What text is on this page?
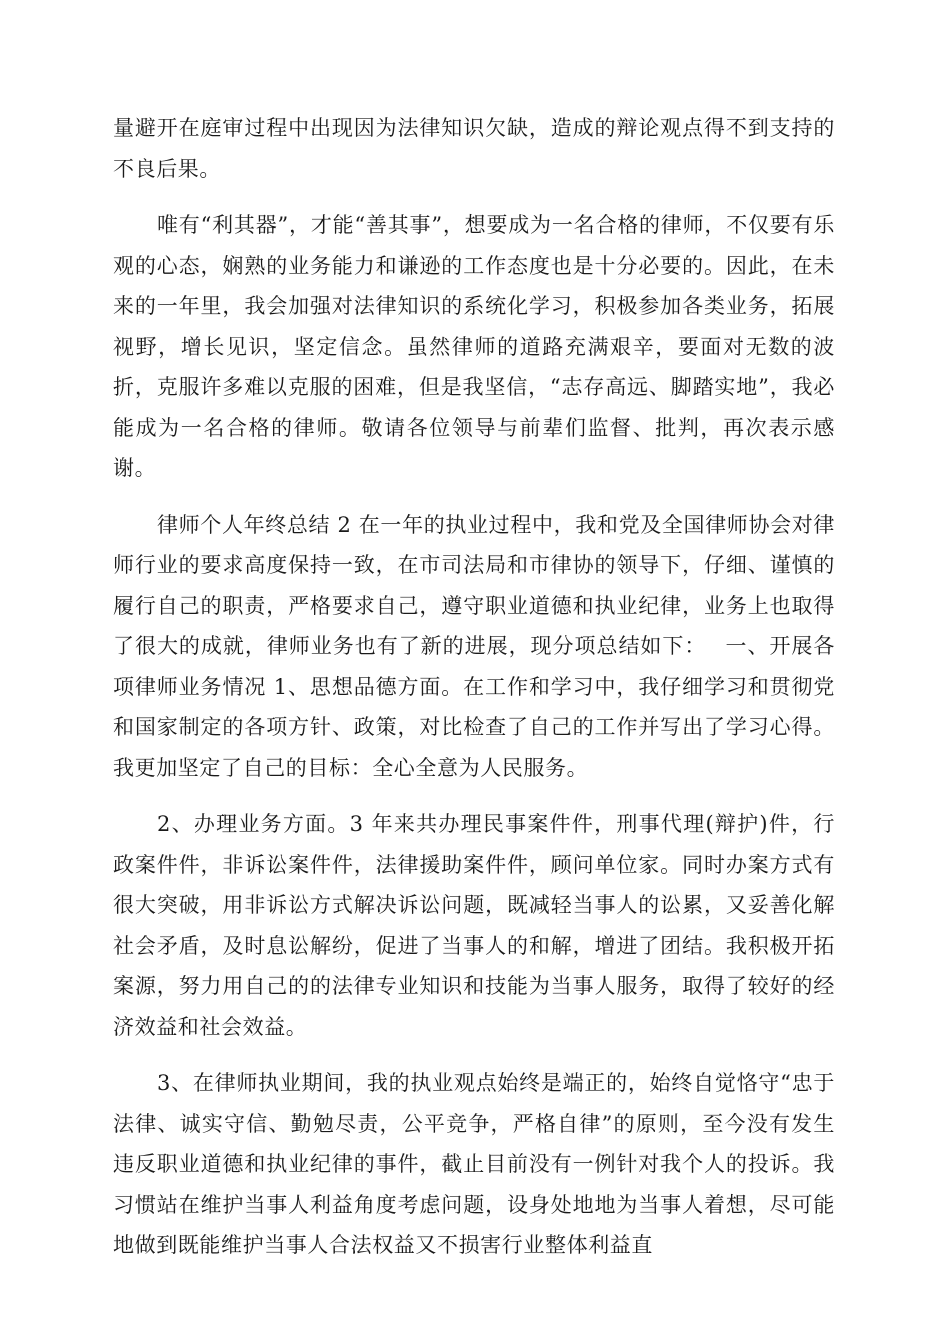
量避开在庭审过程中出现因为法律知识欠缺，造成的辩论观点得不到支持的不良后果。

唯有“利其器”，才能“善其事”，想要成为一名合格的律师，不仅要有乐观的心态，娴熟的业务能力和谦逊的工作态度也是十分必要的。因此，在未来的一年里，我会加强对法律知识的系统化学习，积极参加各类业务，拓展视野，增长见识，坚定信念。虽然律师的道路充满艰辛，要面对无数的波折，克服许多难以克服的困难，但是我坚信，“志存高远、脚踏实地”，我必能成为一名合格的律师。敬请各位领导与前辈们监督、批判，再次表示感谢。

律师个人年终总结 2 在一年的执业过程中，我和党及全国律师协会对律师行业的要求高度保持一致，在市司法局和市律协的领导下，仔细、谨慎的履行自己的职责，严格要求自己，遵守职业道德和执业纪律，业务上也取得了很大的成就，律师业务也有了新的进展，现分项总结如下：　 一、开展各项律师业务情况 1、思想品德方面。在工作和学习中，我仔细学习和贯彻党和国家制定的各项方针、政策，对比检查了自己的工作并写出了学习心得。我更加坚定了自己的目标：全心全意为人民服务。

2、办理业务方面。3 年来共办理民事案件件，刑事代理(辩护)件，行政案件件，非诉讼案件件，法律援助案件件，顾问单位家。同时办案方式有很大突破，用非诉讼方式解决诉讼问题，既减轻当事人的讼累，又妥善化解社会矛盾，及时息讼解纷，促进了当事人的和解，增进了团结。我积极开拓案源，努力用自己的的法律专业知识和技能为当事人服务，取得了较好的经济效益和社会效益。

3、在律师执业期间，我的执业观点始终是端正的，始终自觉恪守“忠于法律、诚实守信、勤勉尽责，公平竞争，严格自律”的原则，至今没有发生违反职业道德和执业纪律的事件，截止目前没有一例针对我个人的投诉。我习惯站在维护当事人利益角度考虑问题，设身处地地为当事人着想，尽可能地做到既能维护当事人合法权益又不损害行业整体利益直
